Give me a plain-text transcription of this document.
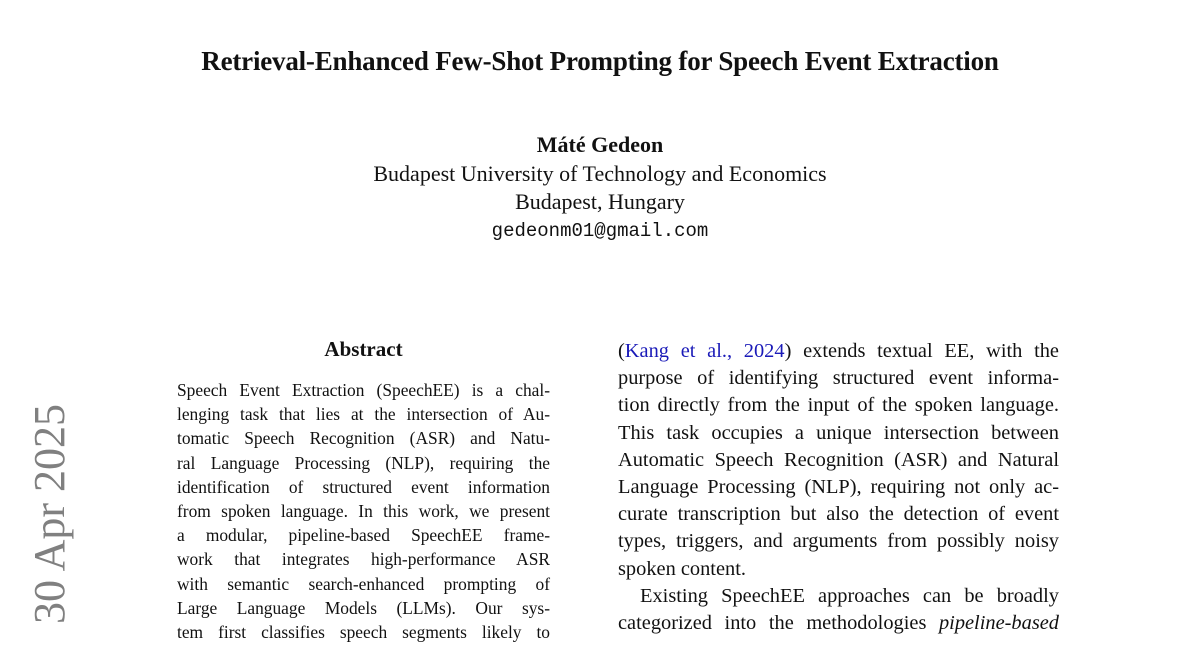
Retrieval-Enhanced Few-Shot Prompting for Speech Event Extraction
Máté Gedeon
Budapest University of Technology and Economics
Budapest, Hungary
gedeonm01@gmail.com
30 Apr 2025
Abstract
Speech Event Extraction (SpeechEE) is a chal-
lenging task that lies at the intersection of Au-
tomatic Speech Recognition (ASR) and Natu-
ral Language Processing (NLP), requiring the
identification of structured event information
from spoken language. In this work, we present
a modular, pipeline-based SpeechEE frame-
work that integrates high-performance ASR
with semantic search-enhanced prompting of
Large Language Models (LLMs). Our sys-
tem first classifies speech segments likely to
(Kang et al., 2024) extends textual EE, with the
purpose of identifying structured event informa-
tion directly from the input of the spoken language.
This task occupies a unique intersection between
Automatic Speech Recognition (ASR) and Natural
Language Processing (NLP), requiring not only ac-
curate transcription but also the detection of event
types, triggers, and arguments from possibly noisy
spoken content.
Existing SpeechEE approaches can be broadly
categorized into the methodologies pipeline-based
